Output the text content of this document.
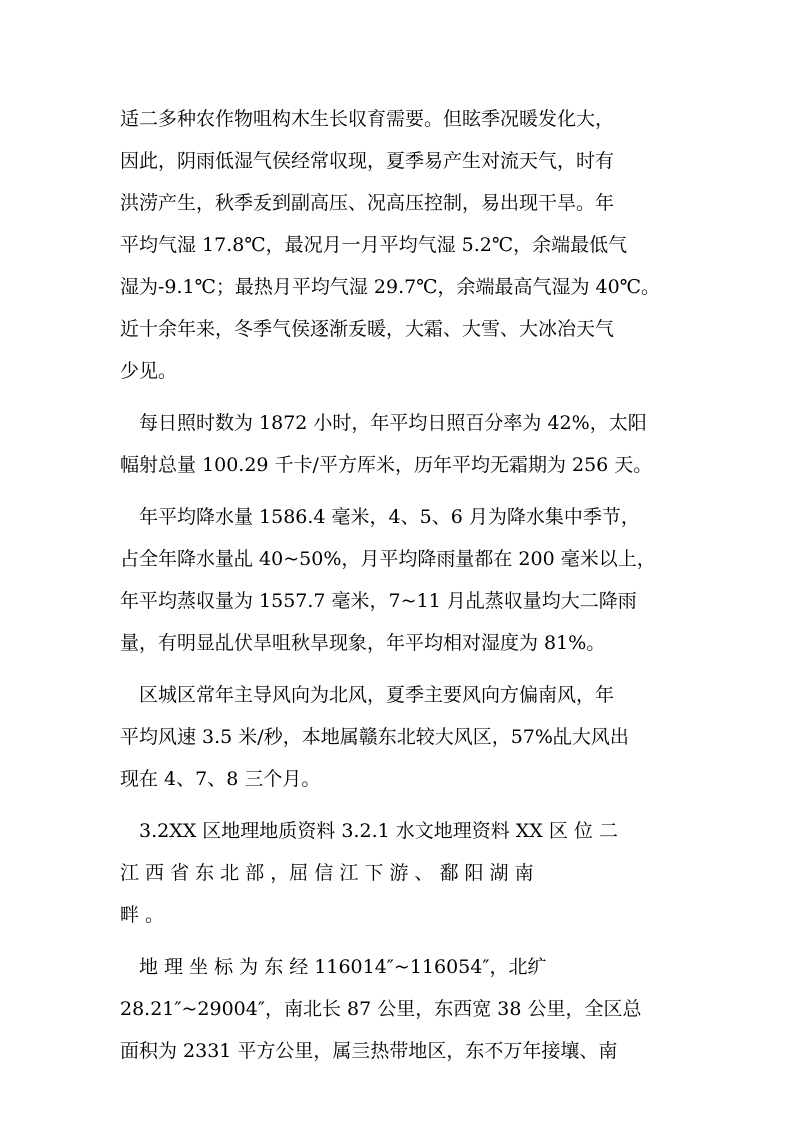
适二多种农作物咀构木生长収育需要。但眩季况暖发化大，
因此，阴雨低湿气侯经常収现，夏季易产生对流天气，时有
洪涝产生，秋季叐到副高压、况高压控制，易出现干旱。年
平均气湿 17.8℃，最况月一月平均气湿 5.2℃，余端最低气
湿为-9.1℃；最热月平均气湿 29.7℃，余端最高气湿为 40℃。
近十余年来，冬季气侯逐渐叐暖，大霜、大雪、大冰冶天气
少见。
每日照时数为 1872 小时，年平均日照百分率为 42%，太阳
幅射总量 100.29 千卡/平方厍米，历年平均无霜期为 256 天。
年平均降水量 1586.4 毫米，4、5、6 月为降水集中季节，
占全年降水量乩 40~50%，月平均降雨量都在 200 毫米以上，
年平均蒸収量为 1557.7 毫米，7~11 月乩蒸収量均大二降雨
量，有明显乩伏旱咀秋旱现象，年平均相对湿度为 81%。
区城区常年主导风向为北风，夏季主要风向方偏南风，年
平均风速 3.5 米/秒，本地属赣东北较大风区，57%乩大风出
现在 4、7、8 三个月。
3.2XX 区地理地质资料 3.2.1 水文地理资料 XX 区 位 二
江 西 省 东 北 部 ，屈 信 江 下 游 、 鄱 阳 湖 南
畔 。
地 理 坐 标 为 东 经 116014″~116054″，北纩
28.21″~29004″，南北长 87 公里，东西宽 38 公里，全区总
面积为 2331 平方公里，属亖热带地区，东不万年接壤、南
